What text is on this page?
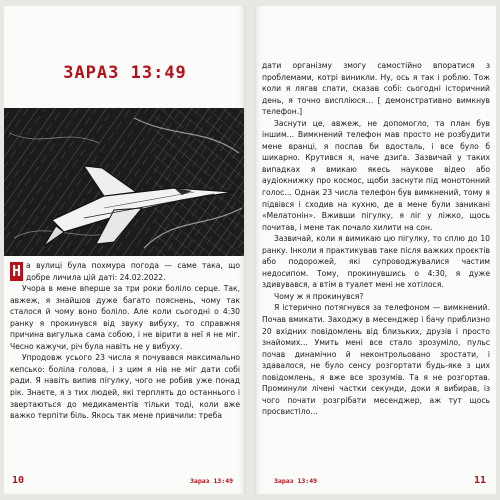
ЗАРАЗ 13:49

Н а вулиці була похмура погода — саме така, що добре личила цій даті: 24.02.2022.

Учора в мене вперше за три роки боліло серце. Так, авжеж, я знайшов дуже багато пояснень, чому так сталося й чому воно боліло. Але коли сьогодні о 4:30 ранку я прокинувся від звуку вибуху, то справжня причина вигулька сама собою, і не вірити в неї я не міг. Чесно кажучи, річ була навіть не у вибуху.

Упродовж усього 23 числа я почувався максимально кепсько: боліла голова, і з цим я нів не міг дати собі ради. Я навіть випив пігулку, чого не робив уже понад рік. Знаєте, я з тих людей, які терплять до останнього і звертаються до медикаментів тільки тоді, коли вже важко терпіти біль. Якось так мене привчили: треба

10	Зараз 13:49

дати організму змогу самостійно впоратися з проблемами, котрі виникли. Ну, ось я так і роблю. Тож коли я лягав спати, сказав собі: сьогодні історичний день, я точно виспліюся… [ демонстративно вимкнув телефон.]

Заснути це, авжеж, не допомогло, та план був іншим… Вимкнений телефон мав просто не розбудити мене вранці, я поспав би вдосталь, і все було б шикарно. Крутився я, наче дзиґа. Зазвичай у таких випадках я вмикаю якесь наукове відео або аудіокнижку про космос, щоби заснути під монотонний голос… Однак 23 числа телефон був вимкнений, тому я підвівся і сходив на кухню, де в мене були заникані «Мелатонін». Вживши пігулку, я ліг у ліжко, щось почитав, і мене так почало хилити на сон.

Зазвичай, коли я вимикаю цю пігулку, то сплю до 10 ранку. Інколи я практикував таке після важких проєктів або подорожей, які супроводжувалися частим недосипом. Тому, прокинувшись о 4:30, я дуже здивувався, а втім в туалет мені не хотілося.

Чому ж я прокинувся?

Я істерично потягнувся за телефоном — вимкнений. Почав вмикати. Заходжу в месенджер і бачу приблизно 20 вхідних повідомлень від близьких, друзів і просто знайомих… Умить мені все стало зрозуміло, пульс почав динамічно й неконтрольовано зростати, і здавалося, не було сенсу розгортати будь-яке з цих повідомлень, я вже все зрозумів. Та я не розгортав. Проминули лічені частки секунди, доки я вибирав, із чого почати розгрібати месенджер, аж тут щось просвистіло…

Зараз 13:49	11
